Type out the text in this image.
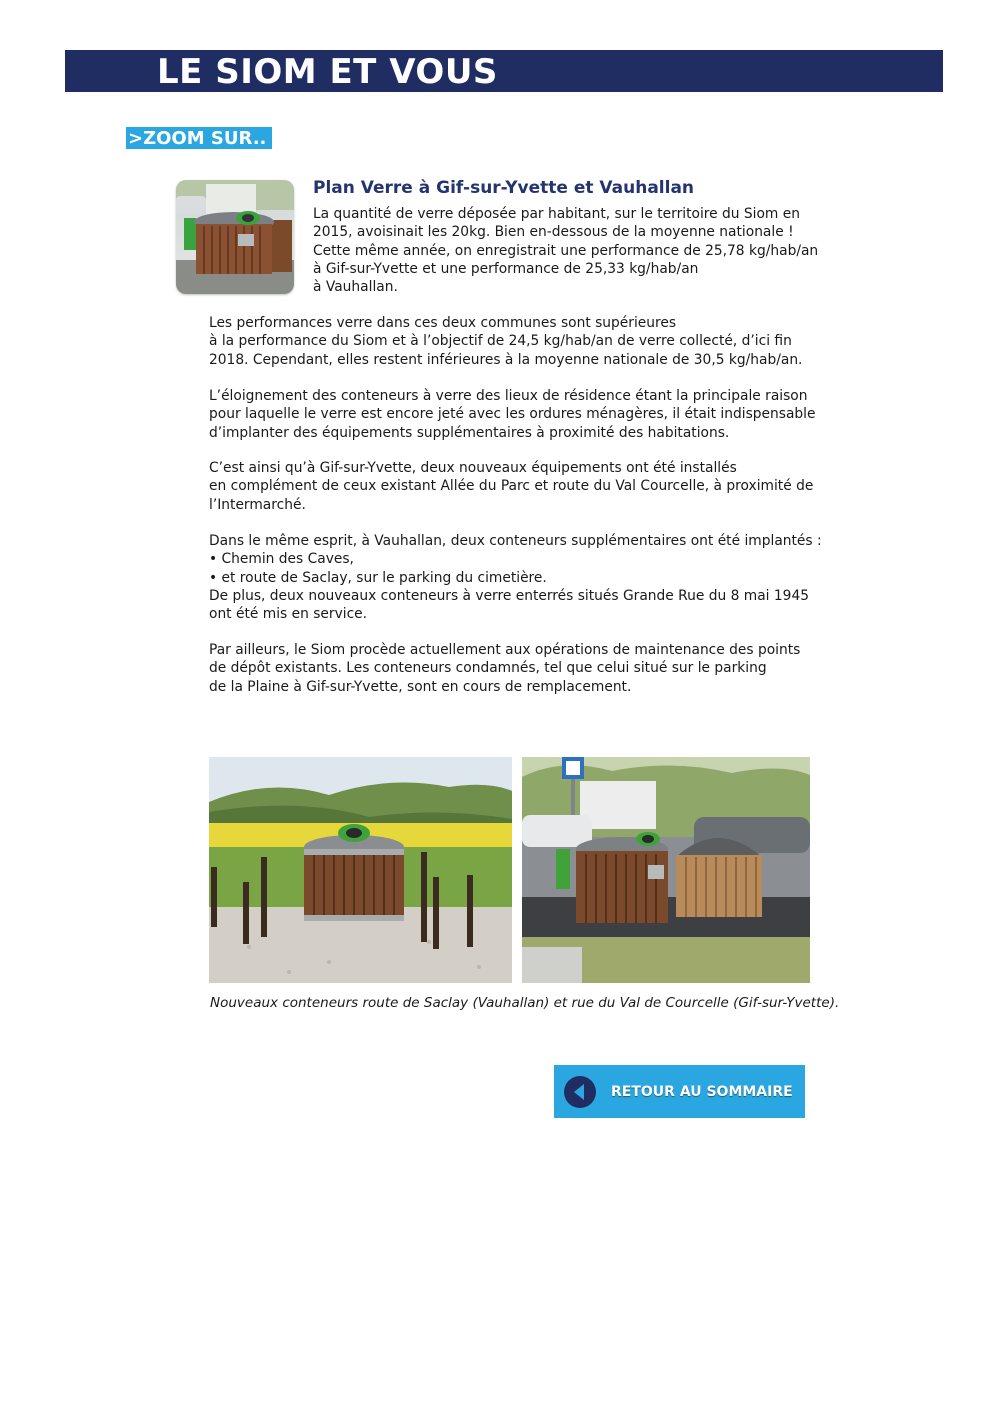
LE SIOM ET VOUS
>ZOOM SUR..
Plan Verre à Gif-sur-Yvette et Vauhallan
La quantité de verre déposée par habitant, sur le territoire du Siom en
2015, avoisinait les 20kg. Bien en-dessous de la moyenne nationale !
Cette même année, on enregistrait une performance de 25,78 kg/hab/an
à Gif-sur-Yvette et une performance de 25,33 kg/hab/an
à Vauhallan.
Les performances verre dans ces deux communes sont supérieures
à la performance du Siom et à l’objectif de 24,5 kg/hab/an de verre collecté, d’ici fin
2018. Cependant, elles restent inférieures à la moyenne nationale de 30,5 kg/hab/an.
L’éloignement des conteneurs à verre des lieux de résidence étant la principale raison
pour laquelle le verre est encore jeté avec les ordures ménagères, il était indispensable
d’implanter des équipements supplémentaires à proximité des habitations.
C’est ainsi qu’à Gif-sur-Yvette, deux nouveaux équipements ont été installés
en complément de ceux existant Allée du Parc et route du Val Courcelle, à proximité de
l’Intermarché.
Dans le même esprit, à Vauhallan, deux conteneurs supplémentaires ont été implantés :
• Chemin des Caves,
• et route de Saclay, sur le parking du cimetière.
De plus, deux nouveaux conteneurs à verre enterrés situés Grande Rue du 8 mai 1945
ont été mis en service.
Par ailleurs, le Siom procède actuellement aux opérations de maintenance des points
de dépôt existants. Les conteneurs condamnés, tel que celui situé sur le parking
de la Plaine à Gif-sur-Yvette, sont en cours de remplacement.
Nouveaux conteneurs route de Saclay (Vauhallan) et rue du Val de Courcelle (Gif-sur-Yvette).
RETOUR AU SOMMAIRE
